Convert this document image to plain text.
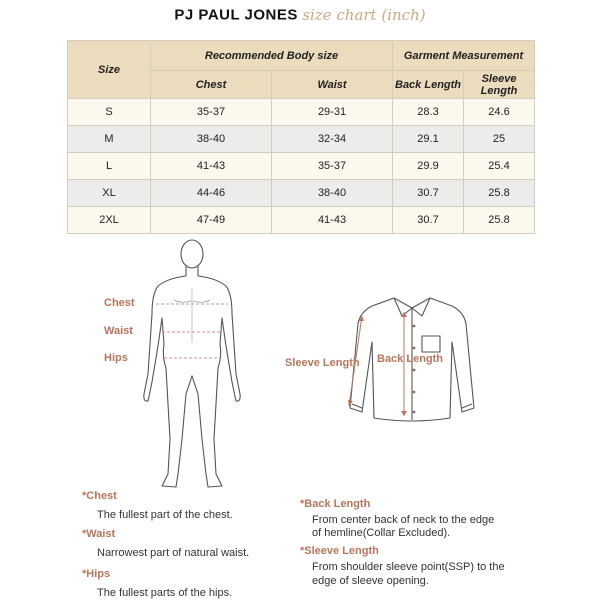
PJ PAUL JONES size chart (inch)
Size	Recommended Body size		Garment Measurement	
	Chest	Waist	Back Length	Sleeve Length
S	35-37	29-31	28.3	24.6
M	38-40	32-34	29.1	25
L	41-43	35-37	29.9	25.4
XL	44-46	38-40	30.7	25.8
2XL	47-49	41-43	30.7	25.8
Chest
Waist
Hips	Sleeve Length Back Length
*Chest
The fullest part of the chest.
*Waist
Narrowest part of natural waist.
*Hips
The fullest parts of the hips.
*Back Length
From center back of neck to the edge
of hemline(Collar Excluded).
*Sleeve Length
From shoulder sleeve point(SSP) to the
edge of sleeve opening.
